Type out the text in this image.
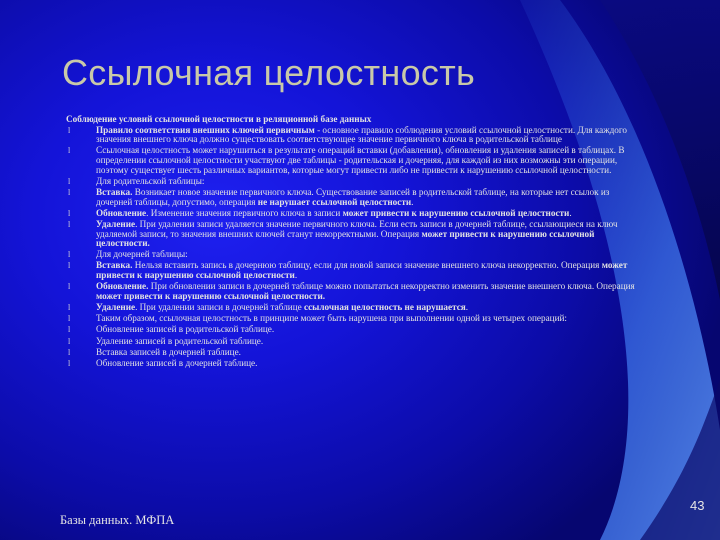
Ссылочная целостность
Соблюдение условий ссылочной целостности в реляционной базе данных
l	Правило соответствия внешних ключей первичным - основное правило соблюдения условий ссылочной целостности. Для каждого значения внешнего ключа должно существовать соответствующее значение первичного ключа в родительской таблице
l	Ссылочная целостность может нарушиться в результате операций вставки (добавления), обновления и удаления записей в таблицах. В определении ссылочной целостности участвуют две таблицы - родительская и дочерняя, для каждой из них возможны эти операции, поэтому существует шесть различных вариантов, которые могут привести либо не привести к нарушению ссылочной целостности.
l	Для родительской таблицы:
l	Вставка. Возникает новое значение первичного ключа. Существование записей в родительской таблице, на которые нет ссылок из дочерней таблицы, допустимо, операция не нарушает ссылочной целостности.
l	Обновление. Изменение значения первичного ключа в записи может привести к нарушению ссылочной целостности.
l	Удаление. При удалении записи удаляется значение первичного ключа. Если есть записи в дочерней таблице, ссылающиеся на ключ удаляемой записи, то значения внешних ключей станут некорректными. Операция может привести к нарушению ссылочной целостности.
l	Для дочерней таблицы:
l	Вставка. Нельзя вставить запись в дочернюю таблицу, если для новой записи значение внешнего ключа некорректно. Операция может привести к нарушению ссылочной целостности.
l	Обновление. При обновлении записи в дочерней таблице можно попытаться некорректно изменить значение внешнего ключа. Операция может привести к нарушению ссылочной целостности.
l	Удаление. При удалении записи в дочерней таблице ссылочная целостность не нарушается.
l	Таким образом, ссылочная целостность в принципе может быть нарушена при выполнении одной из четырех операций:
l	Обновление записей в родительской таблице.
l	Удаление записей в родительской таблице.
l	Вставка записей в дочерней таблице.
l	Обновление записей в дочерней таблице.
Базы данных. МФПА
43
